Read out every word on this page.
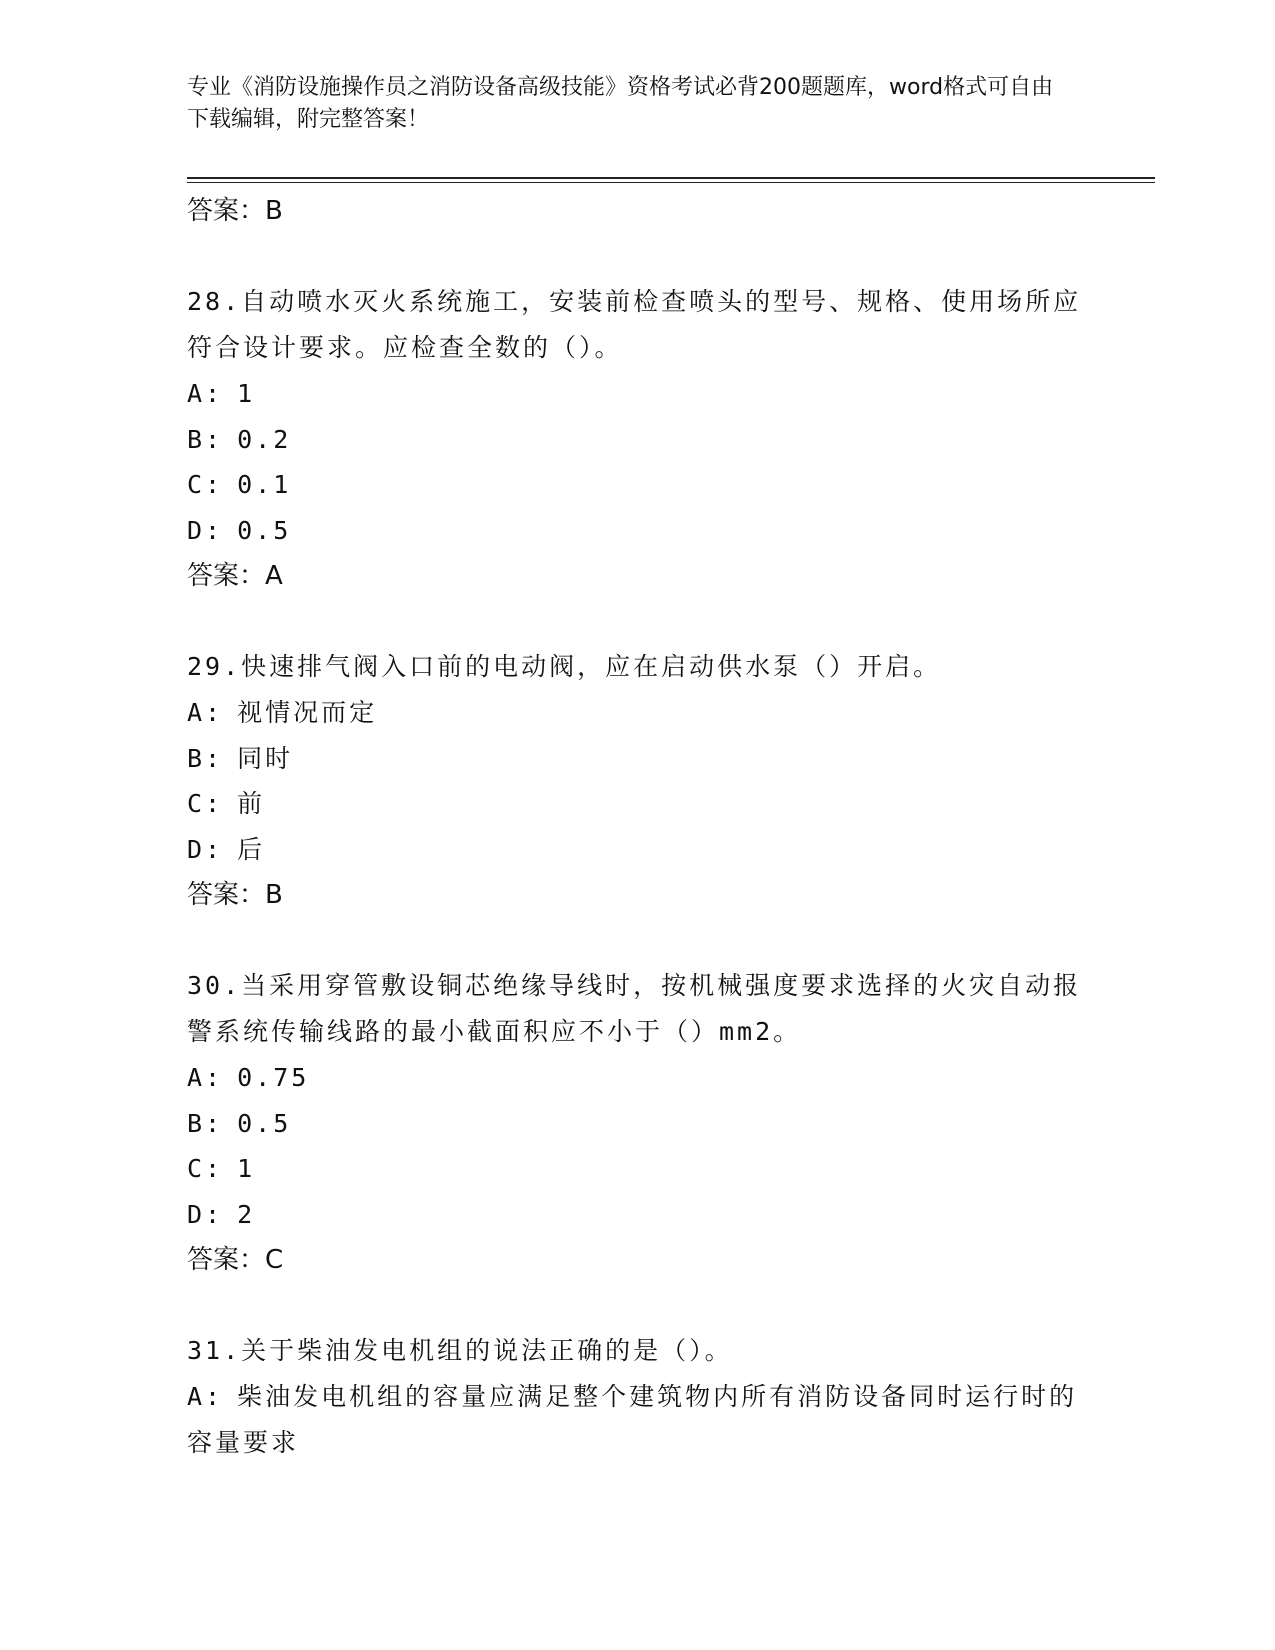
专业《消防设施操作员之消防设备高级技能》资格考试必背200题题库，word格式可自由下载编辑，附完整答案！

答案：B

28.自动喷水灭火系统施工，安装前检查喷头的型号、规格、使用场所应符合设计要求。应检查全数的（）。

A: 1

B: 0.2

C: 0.1

D: 0.5

答案：A

29.快速排气阀入口前的电动阀，应在启动供水泵（）开启。

A: 视情况而定

B: 同时

C: 前

D: 后

答案：B

30.当采用穿管敷设铜芯绝缘导线时，按机械强度要求选择的火灾自动报警系统传输线路的最小截面积应不小于（）mm2。

A: 0.75

B: 0.5

C: 1

D: 2

答案：C

31.关于柴油发电机组的说法正确的是（）。

A: 柴油发电机组的容量应满足整个建筑物内所有消防设备同时运行时的容量要求
